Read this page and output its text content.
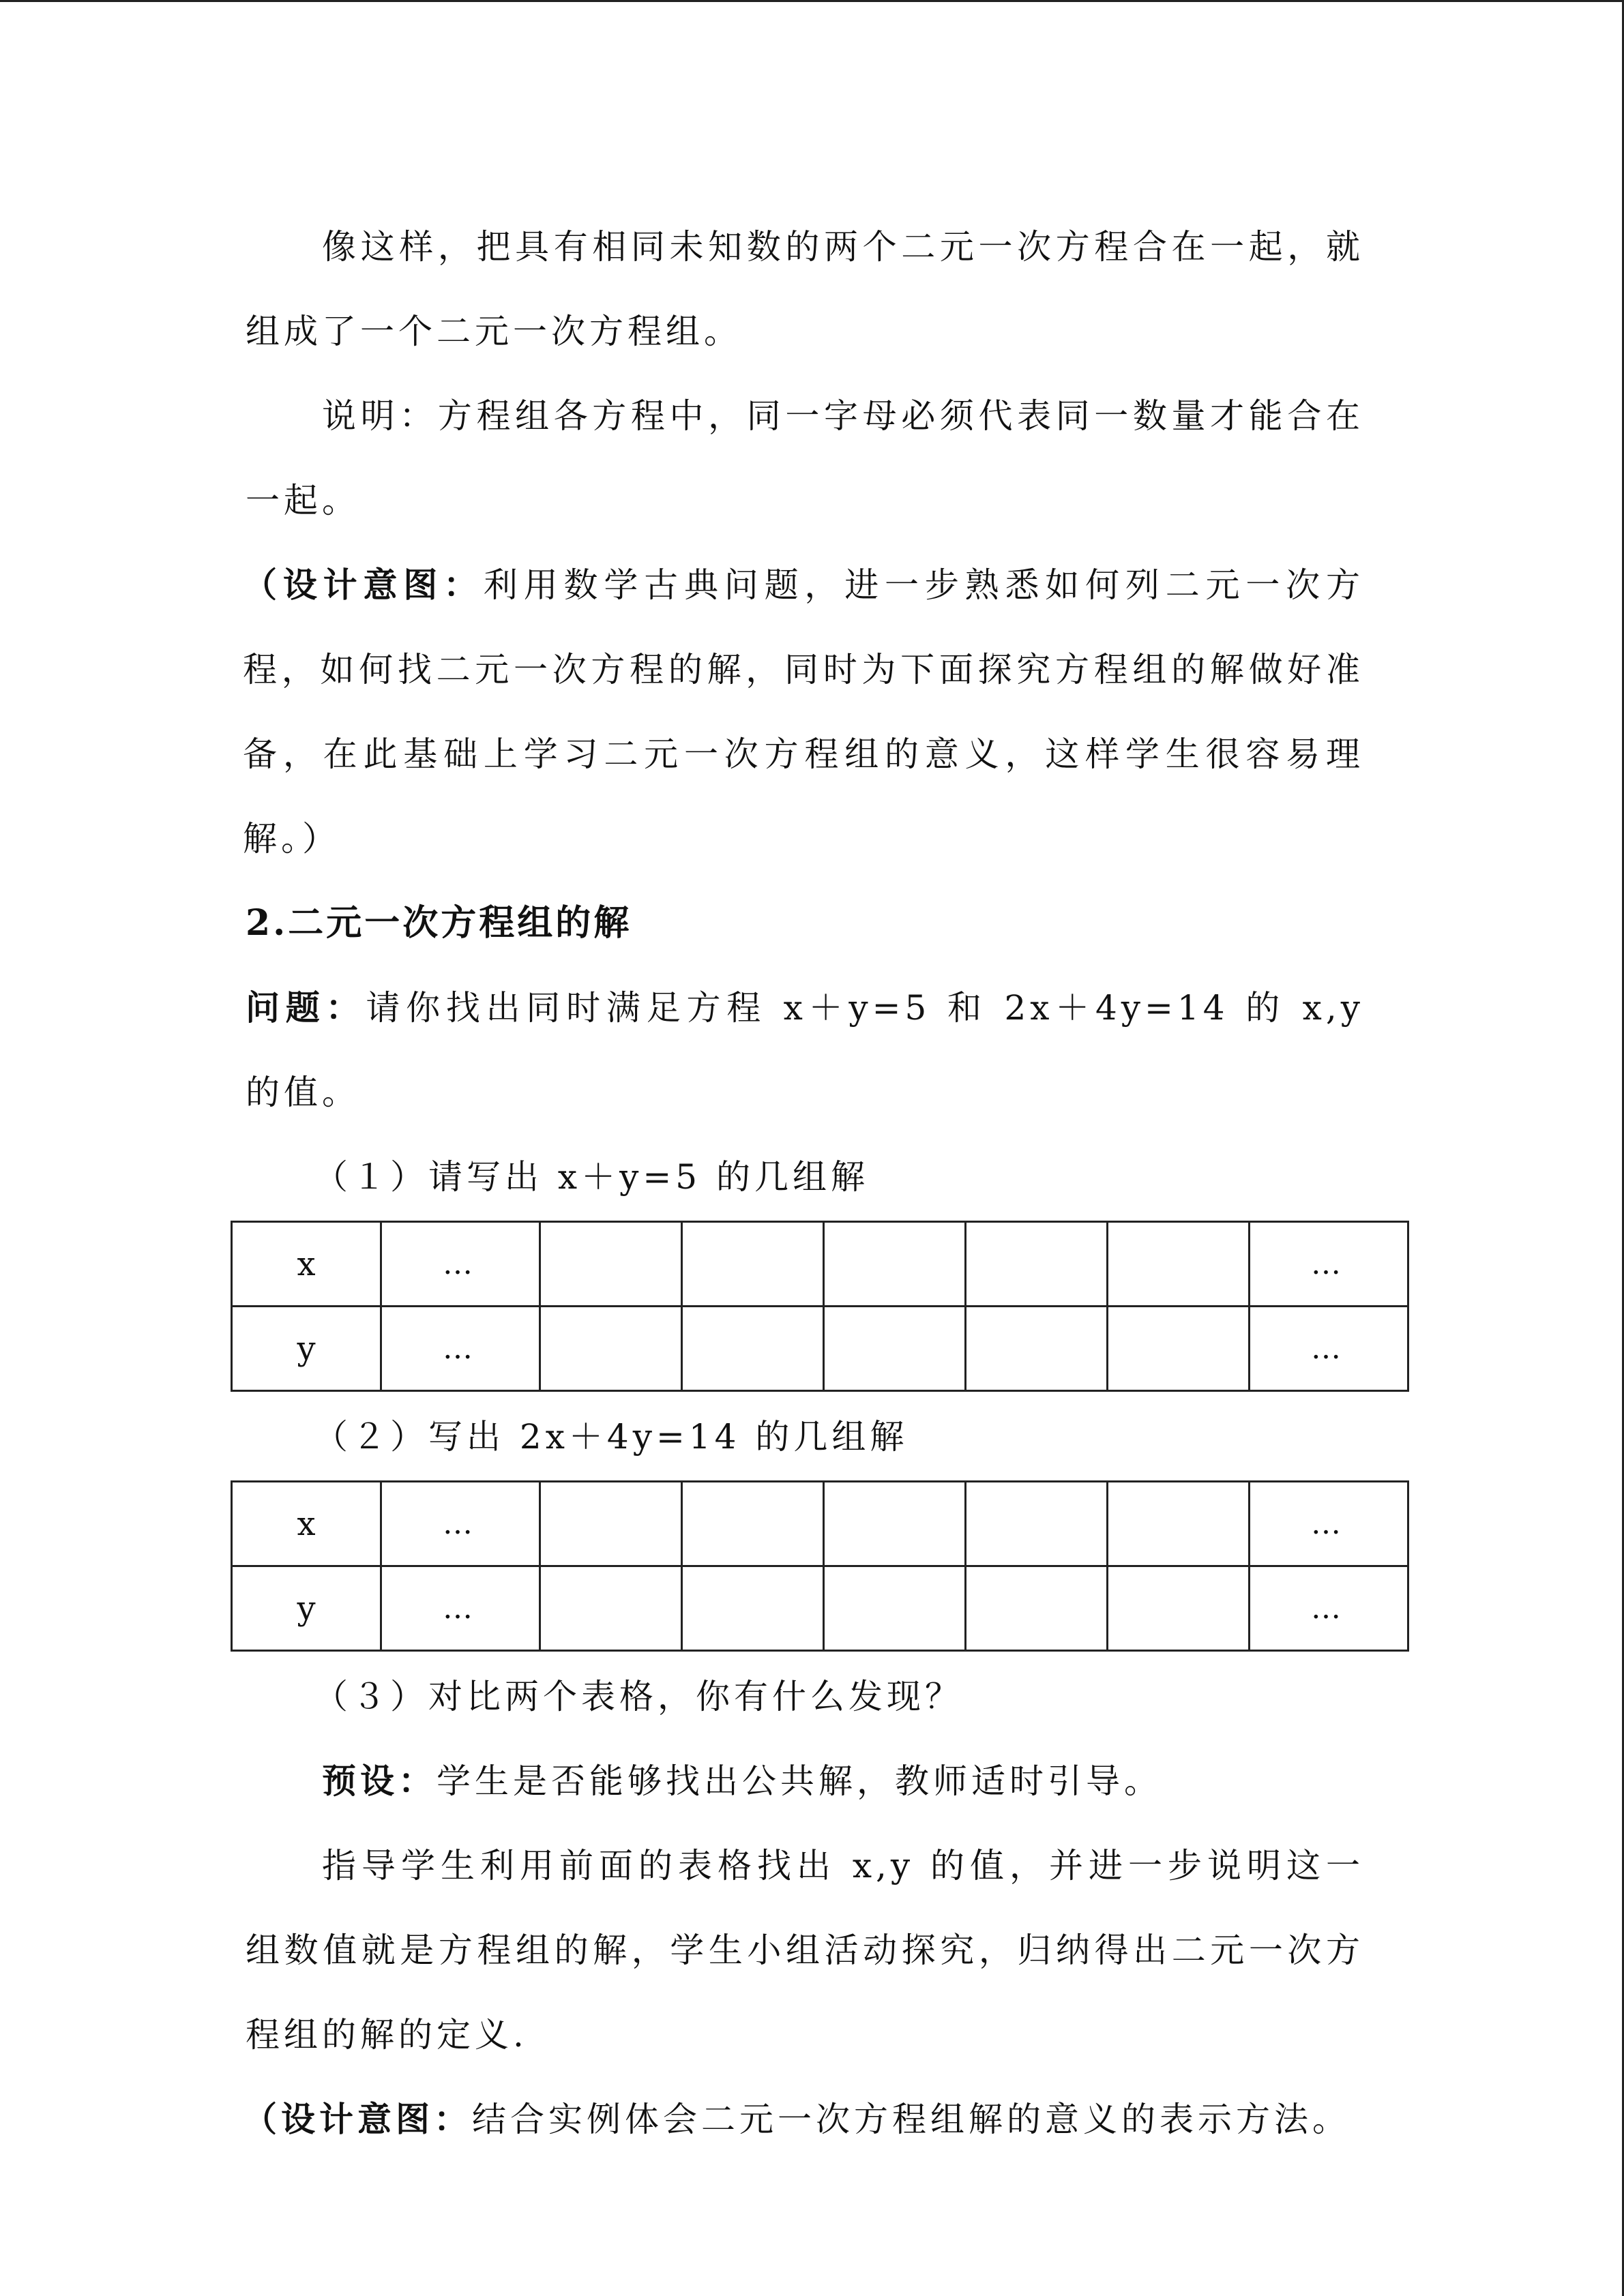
像这样，把具有相同未知数的两个二元一次方程合在一起，就组成了一个二元一次方程组。

说明：方程组各方程中，同一字母必须代表同一数量才能合在一起。

（设计意图：利用数学古典问题，进一步熟悉如何列二元一次方程，如何找二元一次方程的解，同时为下面探究方程组的解做好准备，在此基础上学习二元一次方程组的意义，这样学生很容易理解。）

2.二元一次方程组的解

问题：请你找出同时满足方程 x＋y=5 和 2x＋4y=14 的 x,y 的值。

（１）请写出 x＋y=5 的几组解

x	…						…
y	…						…

（２）写出 2x＋4y=14 的几组解

x	…						…
y	…						…

（３）对比两个表格，你有什么发现？

预设：学生是否能够找出公共解，教师适时引导。

指导学生利用前面的表格找出 x,y 的值，并进一步说明这一组数值就是方程组的解，学生小组活动探究，归纳得出二元一次方程组的解的定义.

（设计意图：结合实例体会二元一次方程组解的意义的表示方法。
